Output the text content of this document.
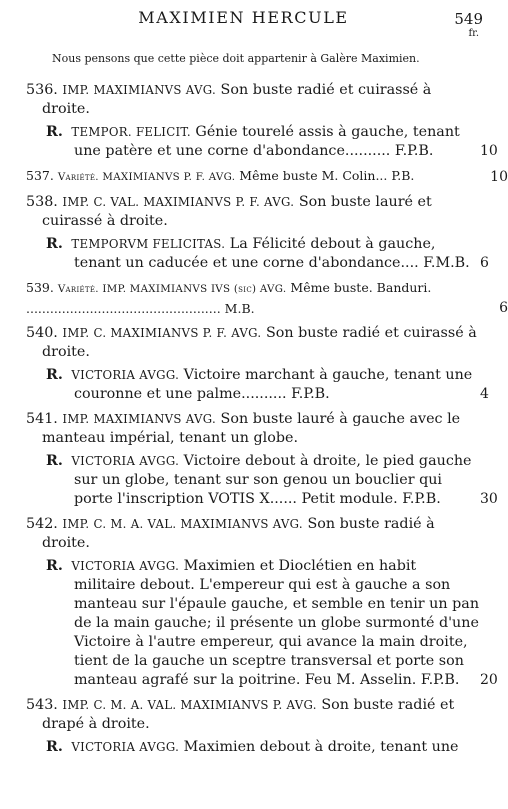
MAXIMIEN HERCULE	549
fr.
Nous pensons que cette pièce doit appartenir à Galère Maximien.
536. IMP. MAXIMIANVS AVG. Son buste radié et cuirassé à droite.
R. TEMPOR. FELICIT. Génie tourelé assis à gauche, tenant une patère et une corne d'abondance.......... F.P.B.	10
537. Variété. MAXIMIANVS P. F. AVG. Même buste M. Colin... P.B.	10
538. IMP. C. VAL. MAXIMIANVS P. F. AVG. Son buste lauré et cuirassé à droite.
R. TEMPORVM FELICITAS. La Félicité debout à gauche, tenant un caducée et une corne d'abondance.... F.M.B. 6
539. Variété. IMP. MAXIMIANVS IVS (sic) AVG. Même buste. Banduri. ................................................. M.B.	6
540. IMP. C. MAXIMIANVS P. F. AVG. Son buste radié et cuirassé à droite.
R. VICTORIA AVGG. Victoire marchant à gauche, tenant une couronne et une palme.......... F.P.B.	4
541. IMP. MAXIMIANVS AVG. Son buste lauré à gauche avec le manteau impérial, tenant un globe.
R. VICTORIA AVGG. Victoire debout à droite, le pied gauche sur un globe, tenant sur son genou un bouclier qui porte l'inscription VOTIS X...... Petit module. F.P.B.	30
542. IMP. C. M. A. VAL. MAXIMIANVS AVG. Son buste radié à droite.
R. VICTORIA AVGG. Maximien et Dioclétien en habit militaire debout. L'empereur qui est à gauche a son manteau sur l'épaule gauche, et semble en tenir un pan de la main gauche; il présente un globe surmonté d'une Victoire à l'autre empereur, qui avance la main droite, tient de la gauche un sceptre transversal et porte son manteau agrafé sur la poitrine. Feu M. Asselin. F.P.B. 20
543. IMP. C. M. A. VAL. MAXIMIANVS P. AVG. Son buste radié et drapé à droite.
R. VICTORIA AVGG. Maximien debout à droite, tenant une
